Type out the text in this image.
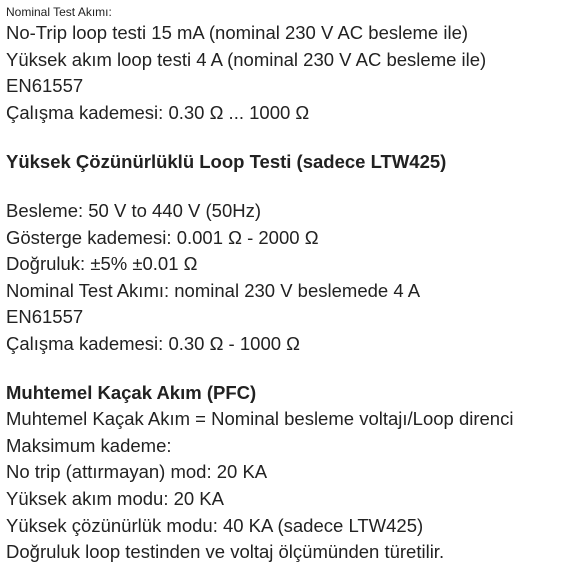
Nominal Test Akımı:
No-Trip loop testi 15 mA (nominal 230 V AC besleme ile)
Yüksek akım loop testi 4 A (nominal 230 V AC besleme ile)
EN61557
Çalışma kademesi: 0.30 Ω ... 1000 Ω
Yüksek Çözünürlüklü Loop Testi (sadece LTW425)
Besleme: 50 V to 440 V (50Hz)
Gösterge kademesi: 0.001 Ω - 2000 Ω
Doğruluk: ±5% ±0.01 Ω
Nominal Test Akımı: nominal 230 V beslemede 4 A
EN61557
Çalışma kademesi: 0.30 Ω - 1000 Ω
Muhtemel Kaçak Akım (PFC)
Muhtemel Kaçak Akım = Nominal besleme voltajı/Loop direnci
Maksimum kademe:
No trip (attırmayan) mod: 20 KA
Yüksek akım modu: 20 KA
Yüksek çözünürlük modu: 40 KA (sadece LTW425)
Doğruluk loop testinden ve voltaj ölçümünden türetilir.
